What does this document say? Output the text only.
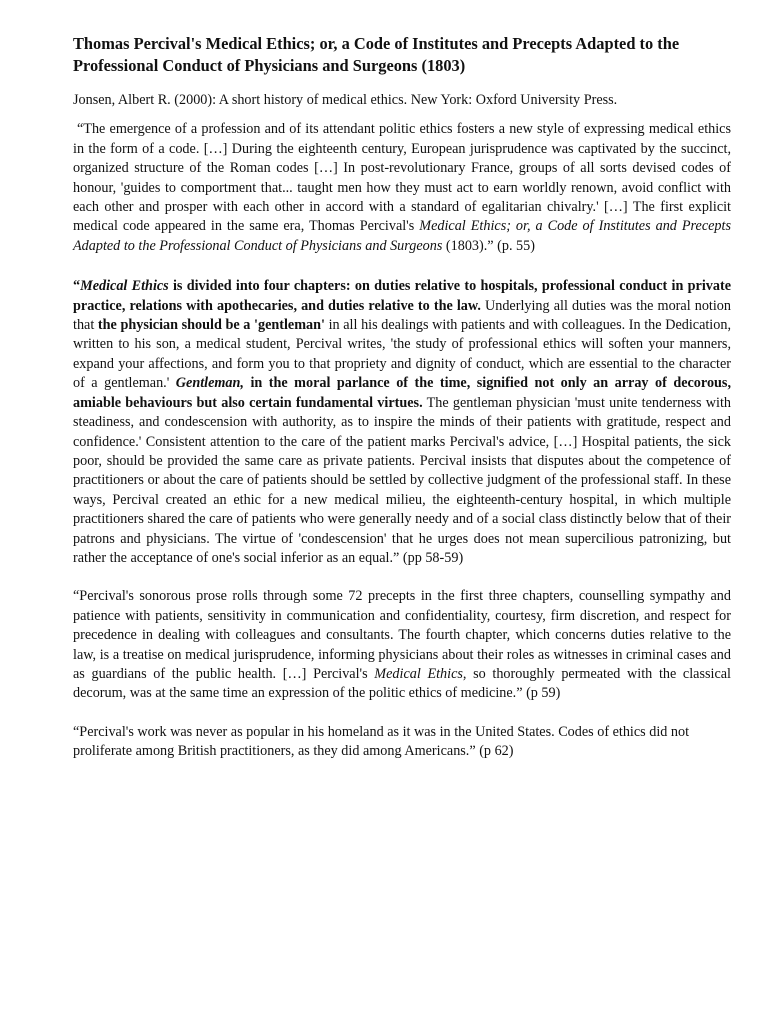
Thomas Percival's Medical Ethics; or, a Code of Institutes and Precepts Adapted to the Professional Conduct of Physicians and Surgeons (1803)

Jonsen, Albert R. (2000): A short history of medical ethics. New York: Oxford University Press.

“The emergence of a profession and of its attendant politic ethics fosters a new style of expressing medical ethics in the form of a code. […] During the eighteenth century, European jurisprudence was captivated by the succinct, organized structure of the Roman codes […] In post-revolutionary France, groups of all sorts devised codes of honour, 'guides to comportment that... taught men how they must act to earn worldly renown, avoid conflict with each other and prosper with each other in accord with a standard of egalitarian chivalry.' […] The first explicit medical code appeared in the same era, Thomas Percival's Medical Ethics; or, a Code of Institutes and Precepts Adapted to the Professional Conduct of Physicians and Surgeons (1803).” (p. 55)

“Medical Ethics is divided into four chapters: on duties relative to hospitals, professional conduct in private practice, relations with apothecaries, and duties relative to the law. Underlying all duties was the moral notion that the physician should be a 'gentleman' in all his dealings with patients and with colleagues. In the Dedication, written to his son, a medical student, Percival writes, 'the study of professional ethics will soften your manners, expand your affections, and form you to that propriety and dignity of conduct, which are essential to the character of a gentleman.' Gentleman, in the moral parlance of the time, signified not only an array of decorous, amiable behaviours but also certain fundamental virtues. The gentleman physician 'must unite tenderness with steadiness, and condescension with authority, as to inspire the minds of their patients with gratitude, respect and confidence.' Consistent attention to the care of the patient marks Percival's advice, […] Hospital patients, the sick poor, should be provided the same care as private patients. Percival insists that disputes about the competence of practitioners or about the care of patients should be settled by collective judgment of the professional staff. In these ways, Percival created an ethic for a new medical milieu, the eighteenth-century hospital, in which multiple practitioners shared the care of patients who were generally needy and of a social class distinctly below that of their patrons and physicians. The virtue of 'condescension' that he urges does not mean supercilious patronizing, but rather the acceptance of one's social inferior as an equal.” (pp 58-59)

“Percival's sonorous prose rolls through some 72 precepts in the first three chapters, counselling sympathy and patience with patients, sensitivity in communication and confidentiality, courtesy, firm discretion, and respect for precedence in dealing with colleagues and consultants. The fourth chapter, which concerns duties relative to the law, is a treatise on medical jurisprudence, informing physicians about their roles as witnesses in criminal cases and as guardians of the public health. […] Percival's Medical Ethics, so thoroughly permeated with the classical decorum, was at the same time an expression of the politic ethics of medicine.” (p 59)

“Percival's work was never as popular in his homeland as it was in the United States. Codes of ethics did not proliferate among British practitioners, as they did among Americans.” (p 62)
